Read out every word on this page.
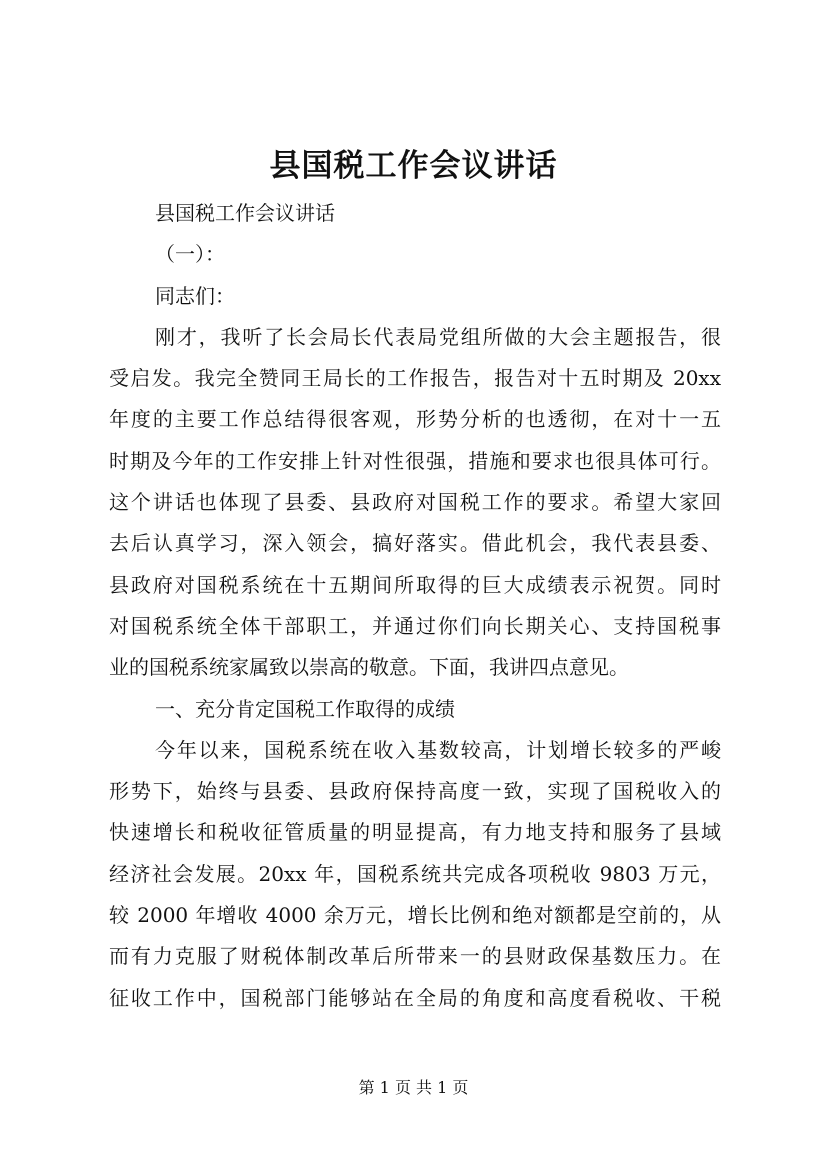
县国税工作会议讲话
县国税工作会议讲话
（一）：
同志们：
刚才，我听了长会局长代表局党组所做的大会主题报告，很
受启发。我完全赞同王局长的工作报告，报告对十五时期及 20xx
年度的主要工作总结得很客观，形势分析的也透彻，在对十一五
时期及今年的工作安排上针对性很强，措施和要求也很具体可行。
这个讲话也体现了县委、县政府对国税工作的要求。希望大家回
去后认真学习，深入领会，搞好落实。借此机会，我代表县委、
县政府对国税系统在十五期间所取得的巨大成绩表示祝贺。同时
对国税系统全体干部职工，并通过你们向长期关心、支持国税事
业的国税系统家属致以崇高的敬意。下面，我讲四点意见。
一、充分肯定国税工作取得的成绩
今年以来，国税系统在收入基数较高，计划增长较多的严峻
形势下，始终与县委、县政府保持高度一致，实现了国税收入的
快速增长和税收征管质量的明显提高，有力地支持和服务了县域
经济社会发展。20xx 年，国税系统共完成各项税收 9803 万元，
较 2000 年增收 4000 余万元，增长比例和绝对额都是空前的，从
而有力克服了财税体制改革后所带来一的县财政保基数压力。在
征收工作中，国税部门能够站在全局的角度和高度看税收、干税
第 1 页 共 1 页
